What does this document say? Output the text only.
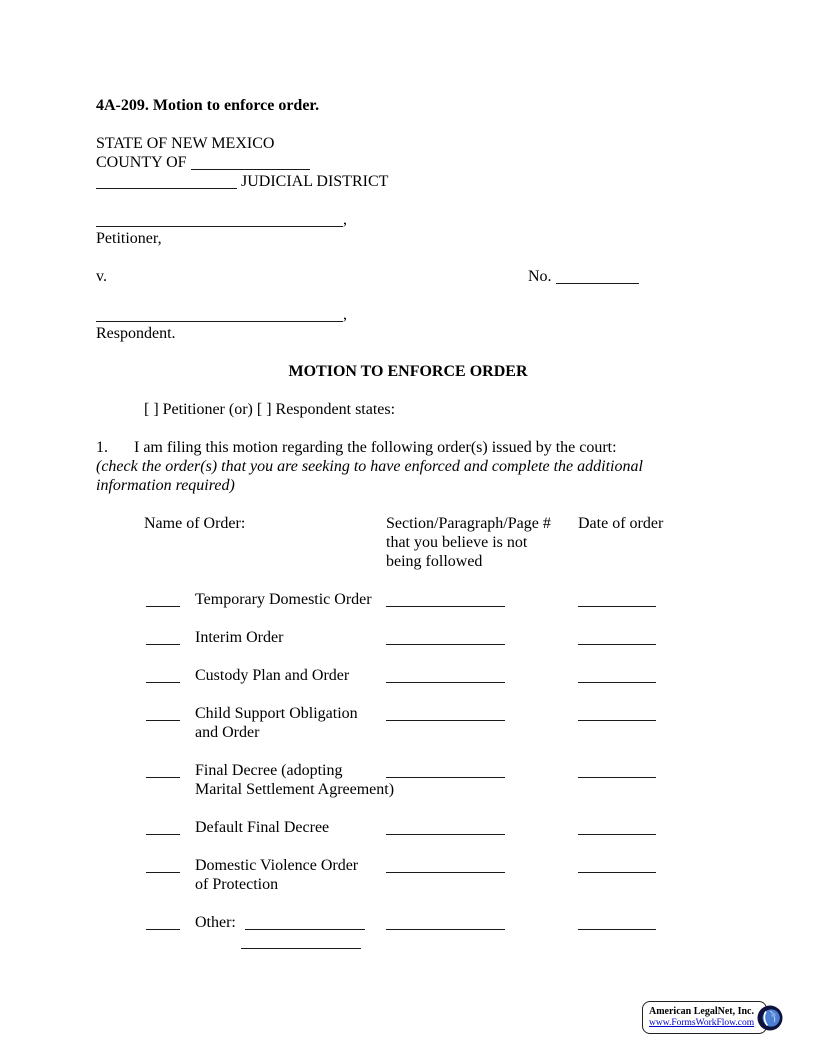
4A-209. Motion to enforce order.
STATE OF NEW MEXICO
COUNTY OF
JUDICIAL DISTRICT
,
Petitioner,
v.	No.
,
Respondent.
MOTION TO ENFORCE ORDER
[ ] Petitioner (or) [ ] Respondent states:
1. I am filing this motion regarding the following order(s) issued by the court:
(check the order(s) that you are seeking to have enforced and complete the additional
information required)
Name of Order:	Section/Paragraph/Page #
that you believe is not
being followed
Date of order
Temporary Domestic Order
Interim Order
Custody Plan and Order
Child Support Obligation
and Order
Final Decree (adopting
Marital Settlement Agreement)
Default Final Decree
Domestic Violence Order
of Protection
Other:
American LegalNet, Inc.
www.FormsWorkFlow.com
